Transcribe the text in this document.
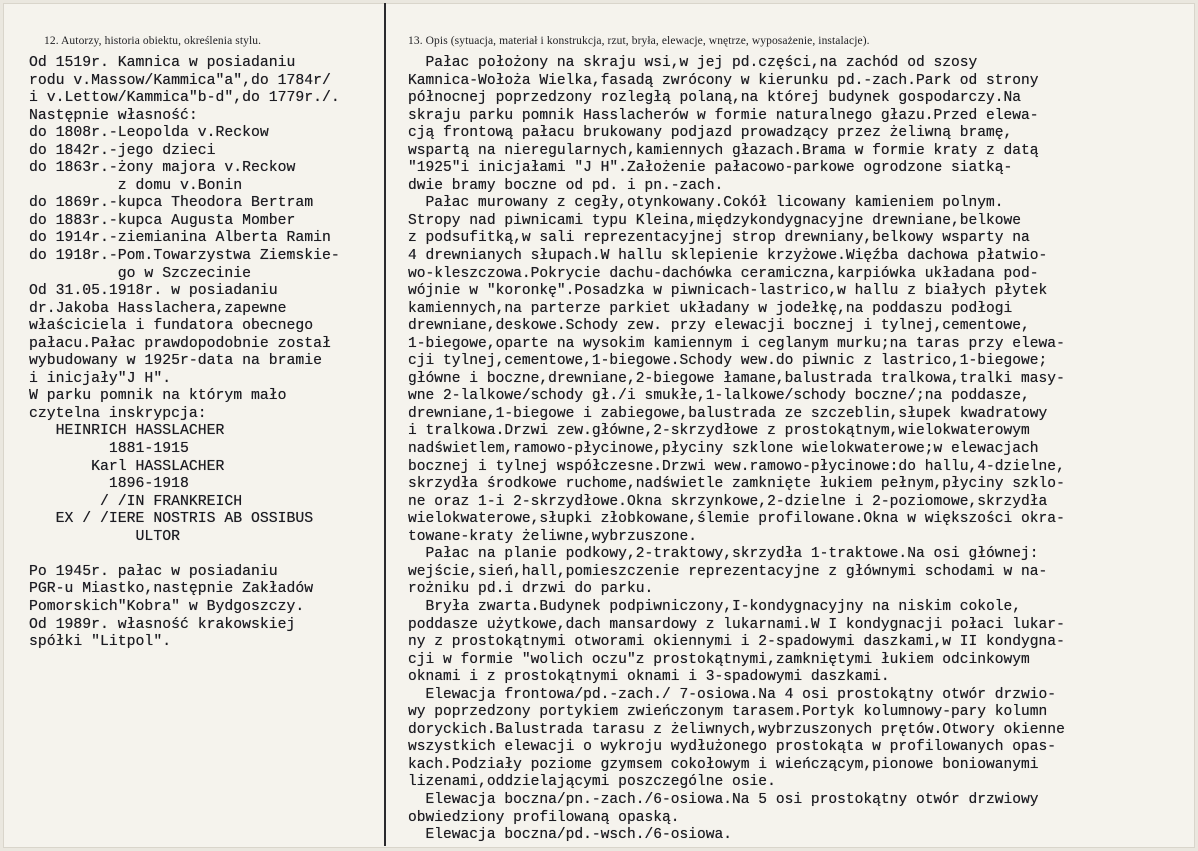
12. Autorzy, historia obiektu, określenia stylu.	13. Opis (sytuacja, materiał i konstrukcja, rzut, bryła, elewacje, wnętrze, wyposażenie, instalacje).
Od 1519r. Kamnica w posiadaniu
rodu v.Massow/Kammica"a",do 1784r/
i v.Lettow/Kammica"b-d",do 1779r./.
Następnie własność:
do 1808r.-Leopolda v.Reckow
do 1842r.-jego dzieci
do 1863r.-żony majora v.Reckow
z domu v.Bonin
do 1869r.-kupca Theodora Bertram
do 1883r.-kupca Augusta Momber
do 1914r.-ziemianina Alberta Ramin
do 1918r.-Pom.Towarzystwa Ziemskie-
go w Szczecinie
Od 31.05.1918r. w posiadaniu
dr.Jakoba Hasslachera,zapewne
właściciela i fundatora obecnego
pałacu.Pałac prawdopodobnie został
wybudowany w 1925r-data na bramie
i inicjały"J H".
W parku pomnik na którym mało
czytelna inskrypcja:
HEINRICH HASSLACHER
1881-1915
Karl HASSLACHER
1896-1918
/ /IN FRANKREICH
EX / /IERE NOSTRIS AB OSSIBUS
ULTOR
Po 1945r. pałac w posiadaniu
PGR-u Miastko,następnie Zakładów
Pomorskich"Kobra" w Bydgoszczy.
Od 1989r. własność krakowskiej
spółki "Litpol".
Pałac położony na skraju wsi,w jej pd.części,na zachód od szosy
Kamnica-Wołoża Wielka,fasadą zwrócony w kierunku pd.-zach.Park od strony
północnej poprzedzony rozległą polaną,na której budynek gospodarczy.Na
skraju parku pomnik Hasslacherów w formie naturalnego głazu.Przed elewa-
cją frontową pałacu brukowany podjazd prowadzący przez żeliwną bramę,
wspartą na nieregularnych,kamiennych głazach.Brama w formie kraty z datą
"1925"i inicjałami "J H".Założenie pałacowo-parkowe ogrodzone siatką-
dwie bramy boczne od pd. i pn.-zach.
Pałac murowany z cegły,otynkowany.Cokół licowany kamieniem polnym.
Stropy nad piwnicami typu Kleina,międzykondygnacyjne drewniane,belkowe
z podsufitką,w sali reprezentacyjnej strop drewniany,belkowy wsparty na
4 drewnianych słupach.W hallu sklepienie krzyżowe.Więźba dachowa płatwio-
wo-kleszczowa.Pokrycie dachu-dachówka ceramiczna,karpiówka układana pod-
wójnie w "koronkę".Posadzka w piwnicach-lastrico,w hallu z białych płytek
kamiennych,na parterze parkiet układany w jodełkę,na poddaszu podłogi
drewniane,deskowe.Schody zew. przy elewacji bocznej i tylnej,cementowe,
1-biegowe,oparte na wysokim kamiennym i ceglanym murku;na taras przy elewa-
cji tylnej,cementowe,1-biegowe.Schody wew.do piwnic z lastrico,1-biegowe;
główne i boczne,drewniane,2-biegowe łamane,balustrada tralkowa,tralki masy-
wne 2-lalkowe/schody gł./i smukłe,1-lalkowe/schody boczne/;na poddasze,
drewniane,1-biegowe i zabiegowe,balustrada ze szczeblin,słupek kwadratowy
i tralkowa.Drzwi zew.główne,2-skrzydłowe z prostokątnym,wielokwaterowym
nadświetlem,ramowo-płycinowe,płyciny szklone wielokwaterowe;w elewacjach
bocznej i tylnej współczesne.Drzwi wew.ramowo-płycinowe:do hallu,4-dzielne,
skrzydła środkowe ruchome,nadświetle zamknięte łukiem pełnym,płyciny szklo-
ne oraz 1-i 2-skrzydłowe.Okna skrzynkowe,2-dzielne i 2-poziomowe,skrzydła
wielokwaterowe,słupki złobkowane,ślemie profilowane.Okna w większości okra-
towane-kraty żeliwne,wybrzuszone.
Pałac na planie podkowy,2-traktowy,skrzydła 1-traktowe.Na osi głównej:
wejście,sień,hall,pomieszczenie reprezentacyjne z głównymi schodami w na-
rożniku pd.i drzwi do parku.
Bryła zwarta.Budynek podpiwniczony,I-kondygnacyjny na niskim cokole,
poddasze użytkowe,dach mansardowy z lukarnami.W I kondygnacji połaci lukar-
ny z prostokątnymi otworami okiennymi i 2-spadowymi daszkami,w II kondygna-
cji w formie "wolich oczu"z prostokątnymi,zamkniętymi łukiem odcinkowym
oknami i z prostokątnymi oknami i 3-spadowymi daszkami.
Elewacja frontowa/pd.-zach./ 7-osiowa.Na 4 osi prostokątny otwór drzwio-
wy poprzedzony portykiem zwieńczonym tarasem.Portyk kolumnowy-pary kolumn
doryckich.Balustrada tarasu z żeliwnych,wybrzuszonych prętów.Otwory okienne
wszystkich elewacji o wykroju wydłużonego prostokąta w profilowanych opas-
kach.Podziały poziome gzymsem cokołowym i wieńczącym,pionowe boniowanymi
lizenami,oddzielającymi poszczególne osie.
Elewacja boczna/pn.-zach./6-osiowa.Na 5 osi prostokątny otwór drzwiowy
obwiedziony profilowaną opaską.
Elewacja boczna/pd.-wsch./6-osiowa.
